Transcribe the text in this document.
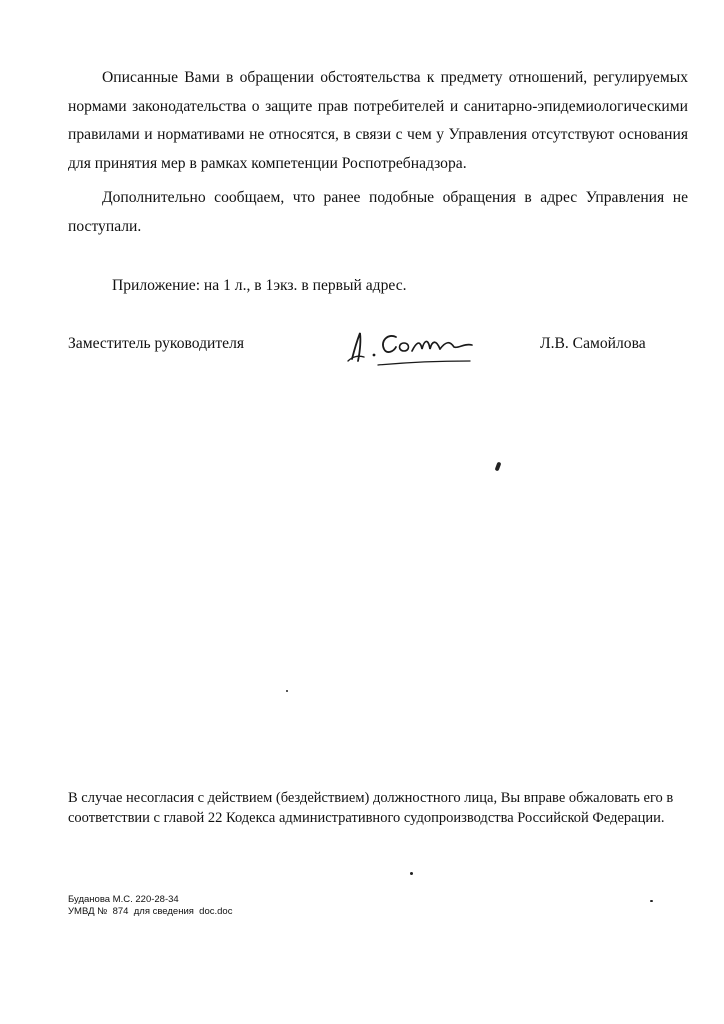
Описанные Вами в обращении обстоятельства к предмету отношений, регулируемых нормами законодательства о защите прав потребителей и санитарно-эпидемиологическими правилами и нормативами не относятся, в связи с чем у Управления отсутствуют основания для принятия мер в рамках компетенции Роспотребнадзора.

Дополнительно сообщаем, что ранее подобные обращения в адрес Управления не поступали.

Приложение: на 1 л., в 1экз. в первый адрес.
Заместитель руководителя	Л.В. Самойлова

В случае несогласия с действием (бездействием) должностного лица, Вы вправе обжаловать его в соответствии с главой 22 Кодекса административного судопроизводства Российской Федерации.

Буданова М.С. 220-28-34
УМВД №  874  для сведения  doc.doc
